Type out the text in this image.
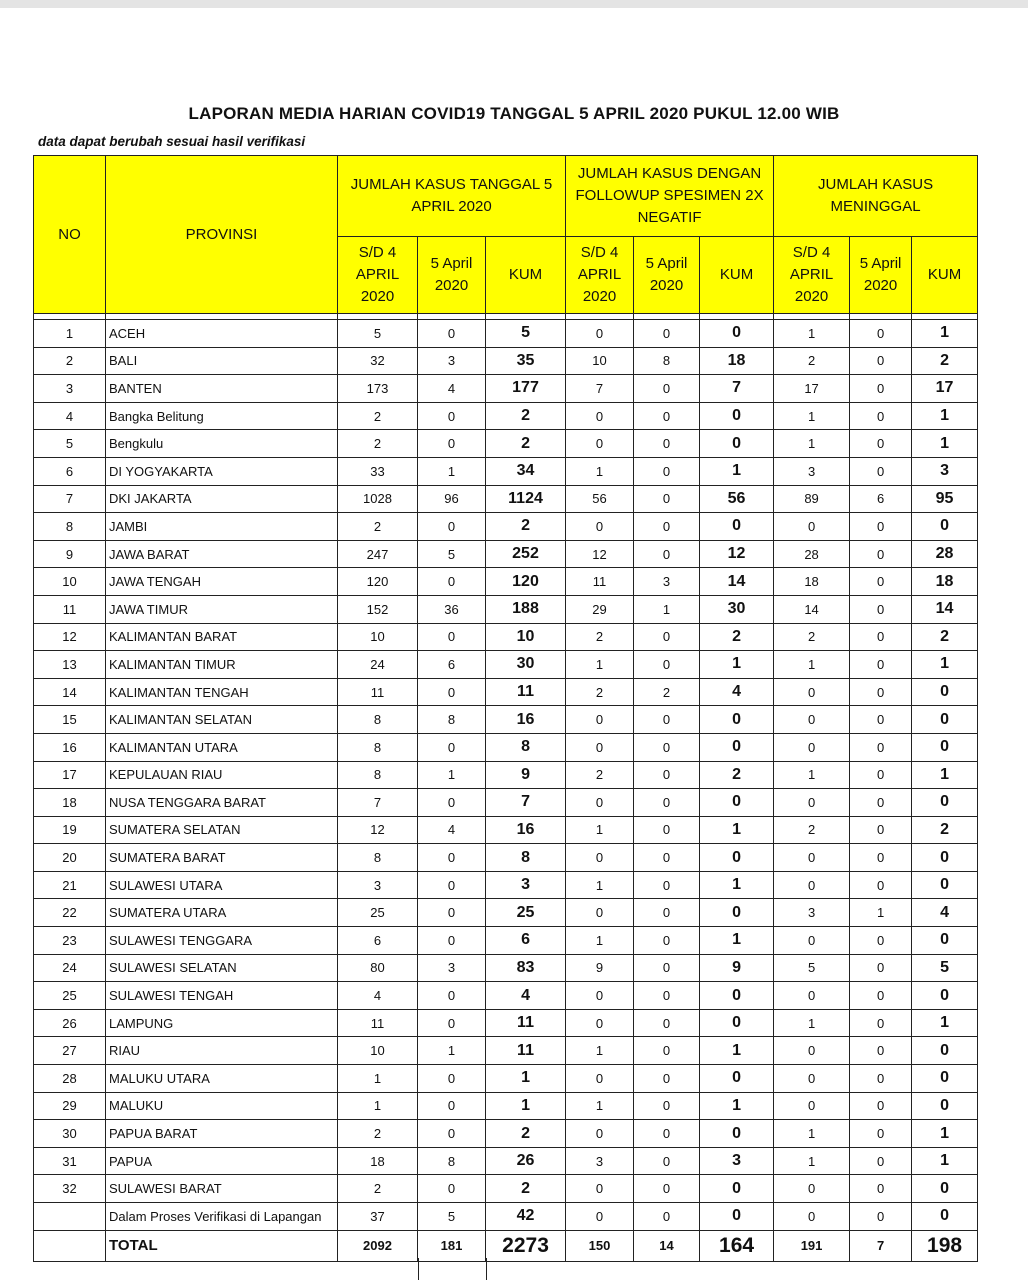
LAPORAN MEDIA HARIAN COVID19 TANGGAL 5 APRIL 2020 PUKUL 12.00 WIB
data dapat berubah sesuai hasil verifikasi
NO	PROVINSI	JUMLAH KASUS TANGGAL 5 APRIL 2020			JUMLAH KASUS DENGAN FOLLOWUP SPESIMEN 2X NEGATIF			JUMLAH KASUS MENINGGAL		
		S/D 4 APRIL 2020	5 April 2020	KUM	S/D 4 APRIL 2020	5 April 2020	KUM	S/D 4 APRIL 2020	5 April 2020	KUM

1	ACEH	5	0	5	0	0	0	1	0	1
2	BALI	32	3	35	10	8	18	2	0	2
3	BANTEN	173	4	177	7	0	7	17	0	17
4	Bangka Belitung	2	0	2	0	0	0	1	0	1
5	Bengkulu	2	0	2	0	0	0	1	0	1
6	DI YOGYAKARTA	33	1	34	1	0	1	3	0	3
7	DKI JAKARTA	1028	96	1124	56	0	56	89	6	95
8	JAMBI	2	0	2	0	0	0	0	0	0
9	JAWA BARAT	247	5	252	12	0	12	28	0	28
10	JAWA TENGAH	120	0	120	11	3	14	18	0	18
11	JAWA TIMUR	152	36	188	29	1	30	14	0	14
12	KALIMANTAN BARAT	10	0	10	2	0	2	2	0	2
13	KALIMANTAN TIMUR	24	6	30	1	0	1	1	0	1
14	KALIMANTAN TENGAH	11	0	11	2	2	4	0	0	0
15	KALIMANTAN SELATAN	8	8	16	0	0	0	0	0	0
16	KALIMANTAN UTARA	8	0	8	0	0	0	0	0	0
17	KEPULAUAN RIAU	8	1	9	2	0	2	1	0	1
18	NUSA TENGGARA BARAT	7	0	7	0	0	0	0	0	0
19	SUMATERA SELATAN	12	4	16	1	0	1	2	0	2
20	SUMATERA BARAT	8	0	8	0	0	0	0	0	0
21	SULAWESI UTARA	3	0	3	1	0	1	0	0	0
22	SUMATERA UTARA	25	0	25	0	0	0	3	1	4
23	SULAWESI TENGGARA	6	0	6	1	0	1	0	0	0
24	SULAWESI SELATAN	80	3	83	9	0	9	5	0	5
25	SULAWESI TENGAH	4	0	4	0	0	0	0	0	0
26	LAMPUNG	11	0	11	0	0	0	1	0	1
27	RIAU	10	1	11	1	0	1	0	0	0
28	MALUKU UTARA	1	0	1	0	0	0	0	0	0
29	MALUKU	1	0	1	1	0	1	0	0	0
30	PAPUA BARAT	2	0	2	0	0	0	1	0	1
31	PAPUA	18	8	26	3	0	3	1	0	1
32	SULAWESI BARAT	2	0	2	0	0	0	0	0	0
	Dalam Proses Verifikasi di Lapangan	37	5	42	0	0	0	0	0	0
	TOTAL	2092	181	2273	150	14	164	191	7	198
